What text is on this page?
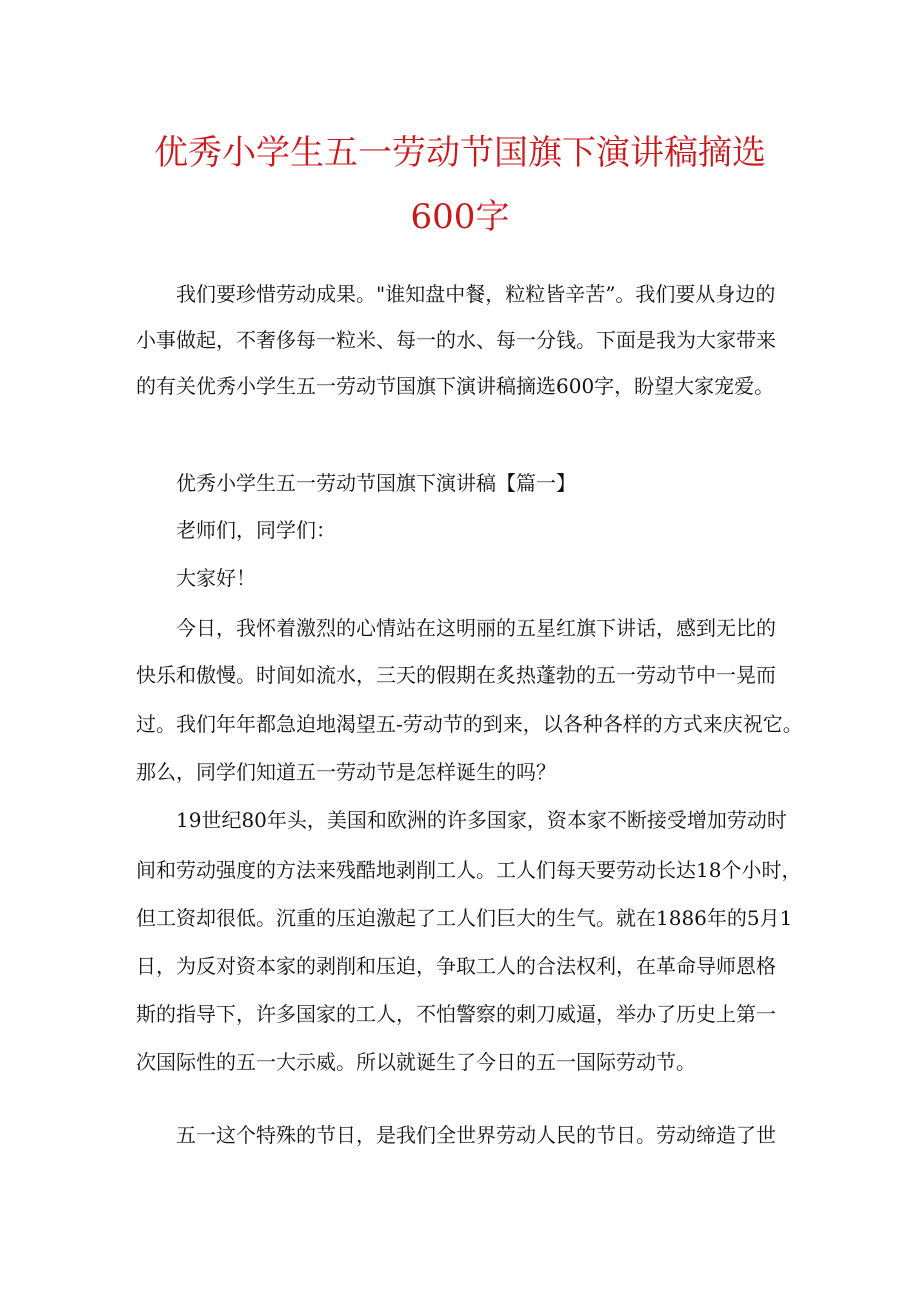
优秀小学生五一劳动节国旗下演讲稿摘选
600字

我们要珍惜劳动成果。"谁知盘中餐，粒粒皆辛苦”。我们要从身边的

小事做起，不奢侈每一粒米、每一的水、每一分钱。下面是我为大家带来

的有关优秀小学生五一劳动节国旗下演讲稿摘选600字，盼望大家宠爱。

优秀小学生五一劳动节国旗下演讲稿【篇一】

老师们，同学们：

大家好！

今日，我怀着激烈的心情站在这明丽的五星红旗下讲话，感到无比的

快乐和傲慢。时间如流水，三天的假期在炙热蓬勃的五一劳动节中一晃而

过。我们年年都急迫地渴望五-劳动节的到来，以各种各样的方式来庆祝它。

那么，同学们知道五一劳动节是怎样诞生的吗？

19世纪80年头，美国和欧洲的许多国家，资本家不断接受增加劳动时

间和劳动强度的方法来残酷地剥削工人。工人们每天要劳动长达18个小时，

但工资却很低。沉重的压迫激起了工人们巨大的生气。就在1886年的5月1

日，为反对资本家的剥削和压迫，争取工人的合法权利，在革命导师恩格

斯的指导下，许多国家的工人，不怕警察的刺刀威逼，举办了历史上第一

次国际性的五一大示威。所以就诞生了今日的五一国际劳动节。

五一这个特殊的节日，是我们全世界劳动人民的节日。劳动缔造了世
